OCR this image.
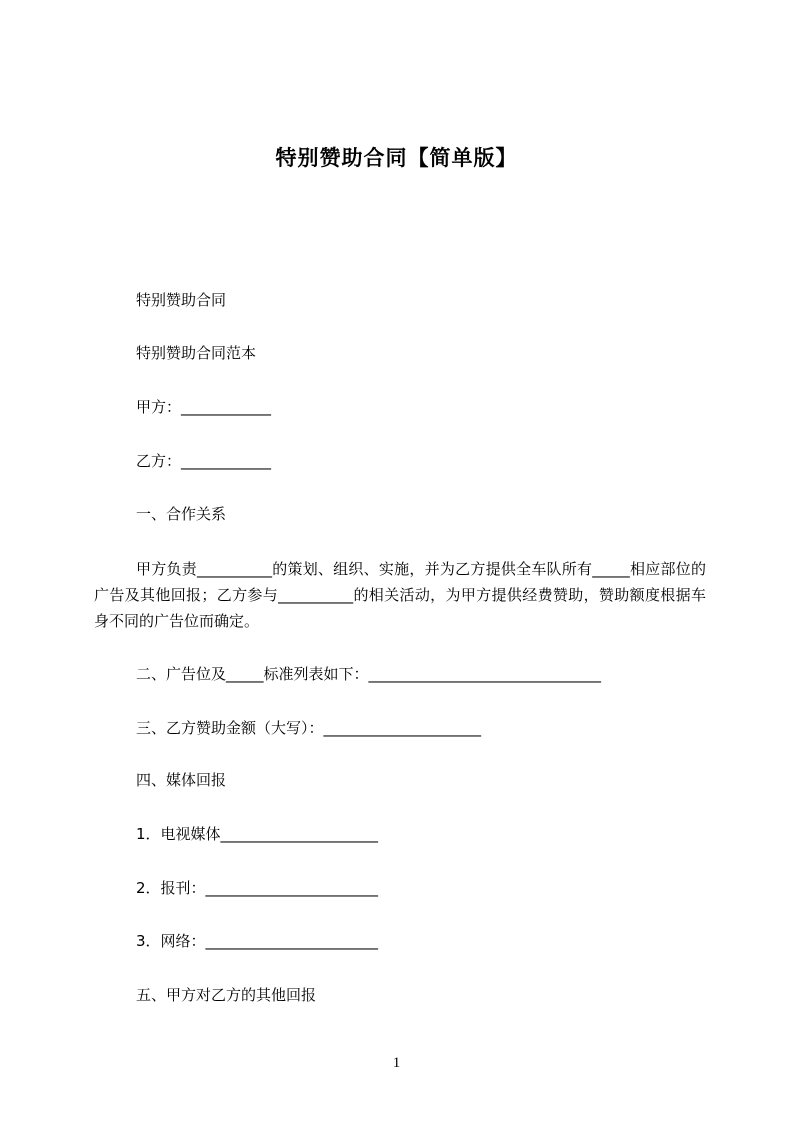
特别赞助合同【简单版】
特别赞助合同
特别赞助合同范本
甲方：____________
乙方：____________
一、合作关系
甲方负责__________的策划、组织、实施，并为乙方提供全车队所有_____相应部位的广告及其他回报；乙方参与__________的相关活动，为甲方提供经费赞助，赞助额度根据车身不同的广告位而确定。
二、广告位及_____标准列表如下：_______________________________
三、乙方赞助金额（大写）：_____________________
四、媒体回报
1．电视媒体_____________________
2．报刊：_______________________
3．网络：_______________________
五、甲方对乙方的其他回报
1
